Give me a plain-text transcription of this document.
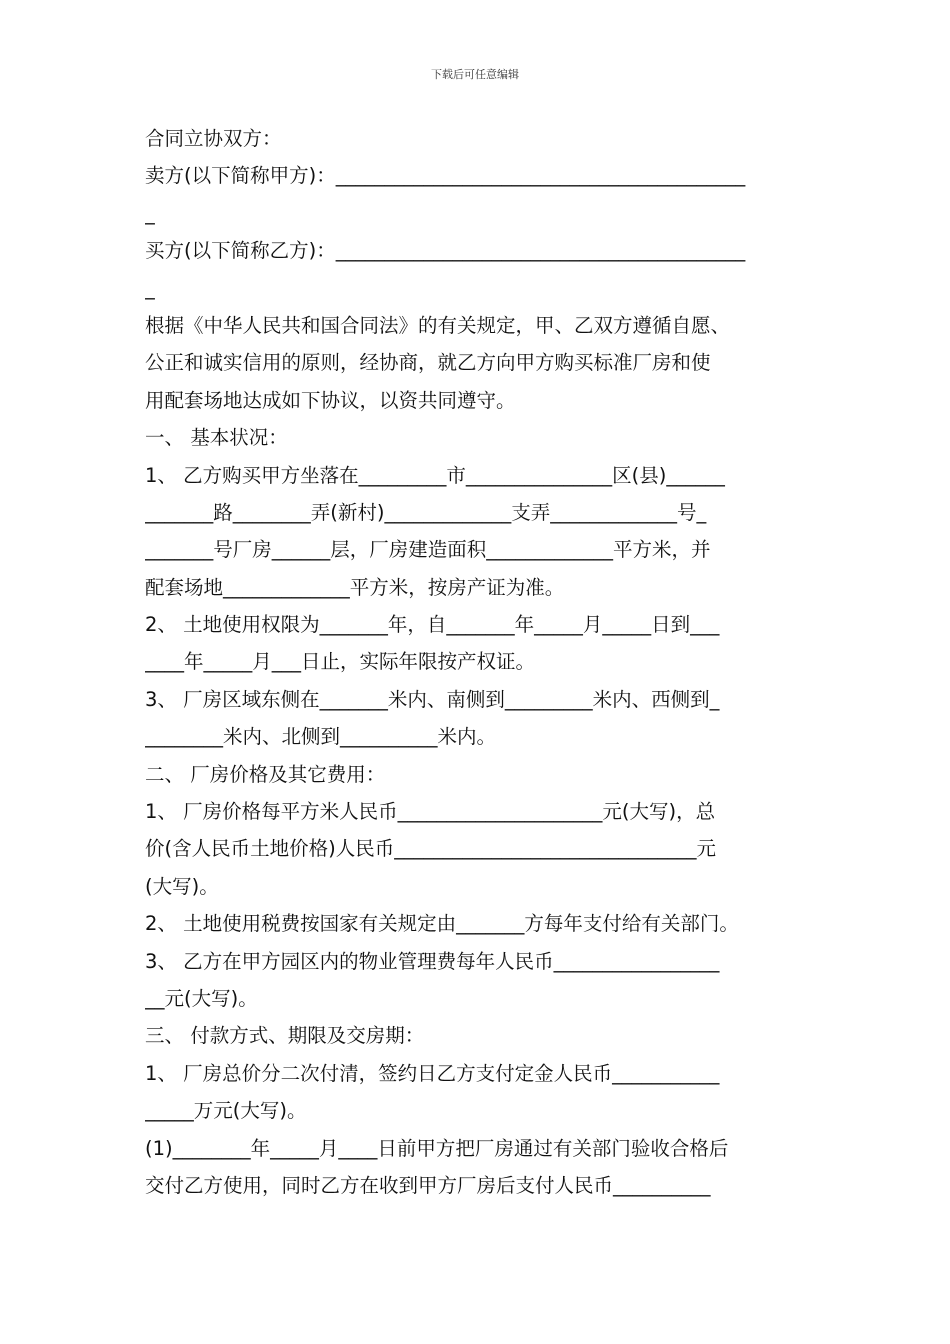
下载后可任意编辑
合同立协双方：
卖方(以下简称甲方)：__________________________________________
_
买方(以下简称乙方)：__________________________________________
_
根据《中华人民共和国合同法》的有关规定，甲、乙双方遵循自愿、
公正和诚实信用的原则，经协商，就乙方向甲方购买标准厂房和使
用配套场地达成如下协议，以资共同遵守。
一、 基本状况：
1、 乙方购买甲方坐落在_________市_______________区(县)______
_______路________弄(新村)_____________支弄_____________号_
_______号厂房______层，厂房建造面积_____________平方米，并
配套场地_____________平方米，按房产证为准。
2、 土地使用权限为_______年，自_______年_____月_____日到___
____年_____月___日止，实际年限按产权证。
3、 厂房区域东侧在_______米内、南侧到_________米内、西侧到_
________米内、北侧到__________米内。
二、 厂房价格及其它费用：
1、 厂房价格每平方米人民币_____________________元(大写)，总
价(含人民币土地价格)人民币_______________________________元
(大写)。
2、 土地使用税费按国家有关规定由_______方每年支付给有关部门。
3、 乙方在甲方园区内的物业管理费每年人民币_________________
__元(大写)。
三、 付款方式、期限及交房期：
1、 厂房总价分二次付清，签约日乙方支付定金人民币___________
_____万元(大写)。
(1)________年_____月____日前甲方把厂房通过有关部门验收合格后
交付乙方使用，同时乙方在收到甲方厂房后支付人民币__________
